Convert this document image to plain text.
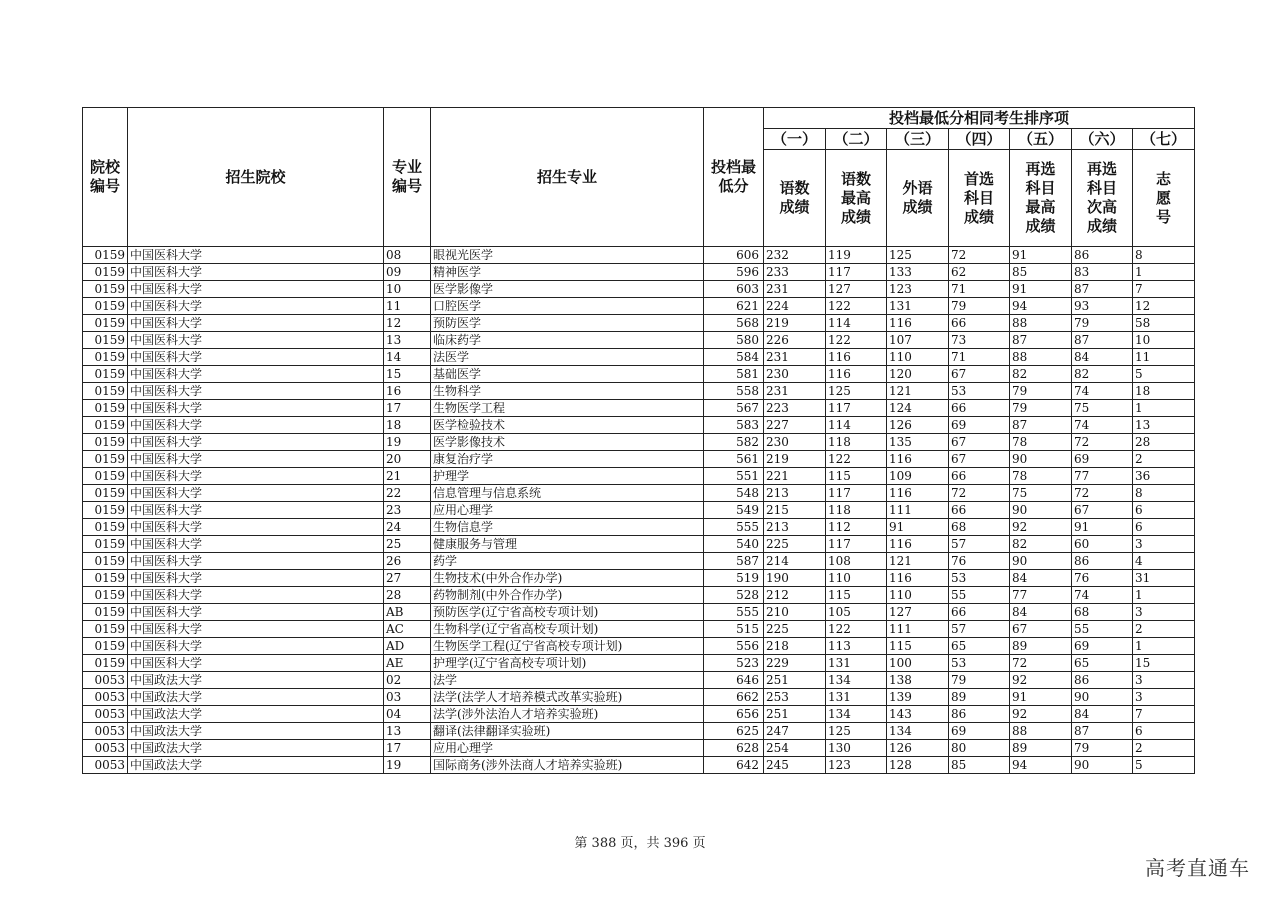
院校编号	招生院校	专业编号	招生专业	投档最低分	投档最低分相同考生排序项						
					（一）	（二）	（三）	（四）	（五）	（六）	（七）
					语数成绩	语数最高成绩	外语成绩	首选科目成绩	再选科目最高成绩	再选科目次高成绩	志愿号
0159	中国医科大学	08	眼视光医学	606	232	119	125	72	91	86	8
0159	中国医科大学	09	精神医学	596	233	117	133	62	85	83	1
0159	中国医科大学	10	医学影像学	603	231	127	123	71	91	87	7
0159	中国医科大学	11	口腔医学	621	224	122	131	79	94	93	12
0159	中国医科大学	12	预防医学	568	219	114	116	66	88	79	58
0159	中国医科大学	13	临床药学	580	226	122	107	73	87	87	10
0159	中国医科大学	14	法医学	584	231	116	110	71	88	84	11
0159	中国医科大学	15	基础医学	581	230	116	120	67	82	82	5
0159	中国医科大学	16	生物科学	558	231	125	121	53	79	74	18
0159	中国医科大学	17	生物医学工程	567	223	117	124	66	79	75	1
0159	中国医科大学	18	医学检验技术	583	227	114	126	69	87	74	13
0159	中国医科大学	19	医学影像技术	582	230	118	135	67	78	72	28
0159	中国医科大学	20	康复治疗学	561	219	122	116	67	90	69	2
0159	中国医科大学	21	护理学	551	221	115	109	66	78	77	36
0159	中国医科大学	22	信息管理与信息系统	548	213	117	116	72	75	72	8
0159	中国医科大学	23	应用心理学	549	215	118	111	66	90	67	6
0159	中国医科大学	24	生物信息学	555	213	112	91	68	92	91	6
0159	中国医科大学	25	健康服务与管理	540	225	117	116	57	82	60	3
0159	中国医科大学	26	药学	587	214	108	121	76	90	86	4
0159	中国医科大学	27	生物技术(中外合作办学)	519	190	110	116	53	84	76	31
0159	中国医科大学	28	药物制剂(中外合作办学)	528	212	115	110	55	77	74	1
0159	中国医科大学	AB	预防医学(辽宁省高校专项计划)	555	210	105	127	66	84	68	3
0159	中国医科大学	AC	生物科学(辽宁省高校专项计划)	515	225	122	111	57	67	55	2
0159	中国医科大学	AD	生物医学工程(辽宁省高校专项计划)	556	218	113	115	65	89	69	1
0159	中国医科大学	AE	护理学(辽宁省高校专项计划)	523	229	131	100	53	72	65	15
0053	中国政法大学	02	法学	646	251	134	138	79	92	86	3
0053	中国政法大学	03	法学(法学人才培养模式改革实验班)	662	253	131	139	89	91	90	3
0053	中国政法大学	04	法学(涉外法治人才培养实验班)	656	251	134	143	86	92	84	7
0053	中国政法大学	13	翻译(法律翻译实验班)	625	247	125	134	69	88	87	6
0053	中国政法大学	17	应用心理学	628	254	130	126	80	89	79	2
0053	中国政法大学	19	国际商务(涉外法商人才培养实验班)	642	245	123	128	85	94	90	5
第 388 页，共 396 页
高考直通车
